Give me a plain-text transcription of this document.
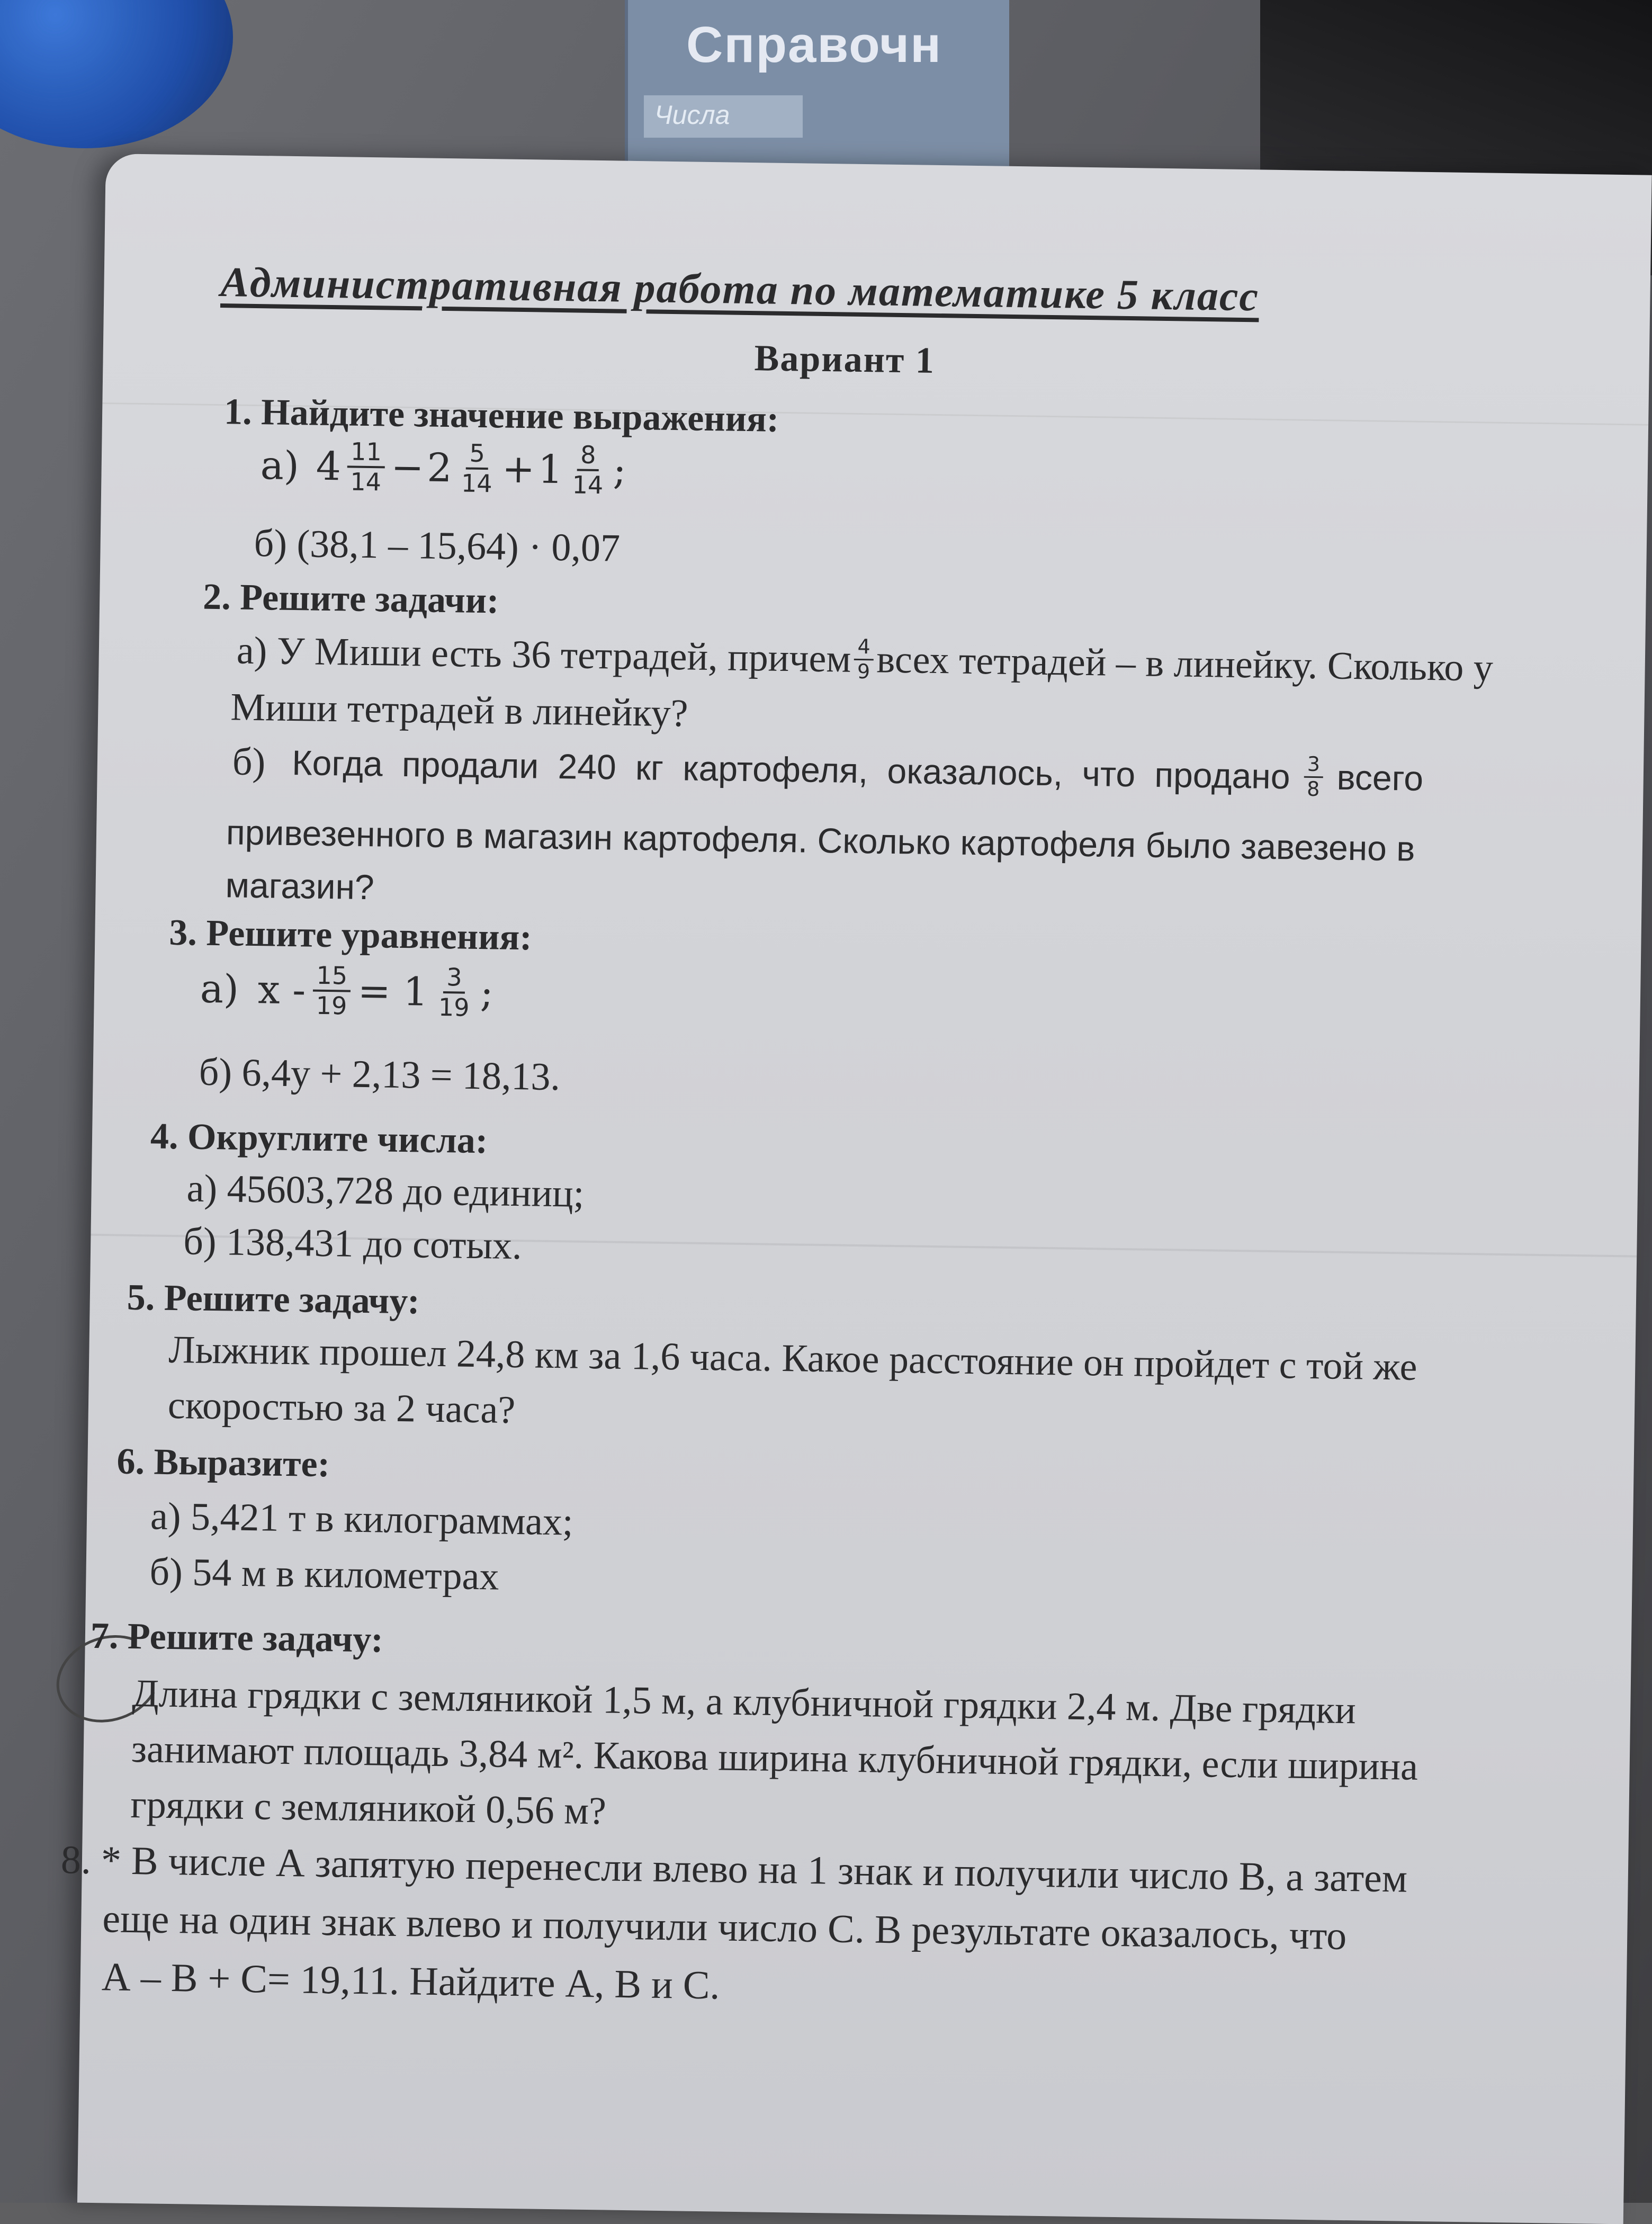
Справочн
Числа
Административная работа по математике 5 класс
Вариант 1
1. Найдите значение выражения:
а) $4 \frac{11}{14} - 2 \frac{5}{14} + 1 \frac{8}{14}$ ;
б) (38,1 – 15,64) · 0,07
2. Решите задачи:
а) У Миши есть 36 тетрадей, причем $\frac{4}{9}$ всех тетрадей – в линейку. Сколько у
Миши тетрадей в линейку?
б) Когда продали 240 кг картофеля, оказалось, что продано $\frac{3}{8}$ всего
привезенного в магазин картофеля. Сколько картофеля было завезено в
магазин?
3. Решите уравнения:
а) $x - \frac{15}{19} = 1 \frac{3}{19}$ ;
б) 6,4y + 2,13 = 18,13.
4. Округлите числа:
а) 45603,728 до единиц;
б) 138,431 до сотых.
5. Решите задачу:
Лыжник прошел 24,8 км за 1,6 часа. Какое расстояние он пройдет с той же
скоростью за 2 часа?
6. Выразите:
а) 5,421 т в килограммах;
б) 54 м в километрах
7. Решите задачу:
Длина грядки с земляникой 1,5 м, а клубничной грядки 2,4 м. Две грядки
занимают площадь 3,84 м². Какова ширина клубничной грядки, если ширина
грядки с земляникой 0,56 м?
8. * В числе А запятую перенесли влево на 1 знак и получили число В, а затем
еще на один знак влево и получили число С. В результате оказалось, что
А – В + С= 19,11. Найдите А, В и С.
